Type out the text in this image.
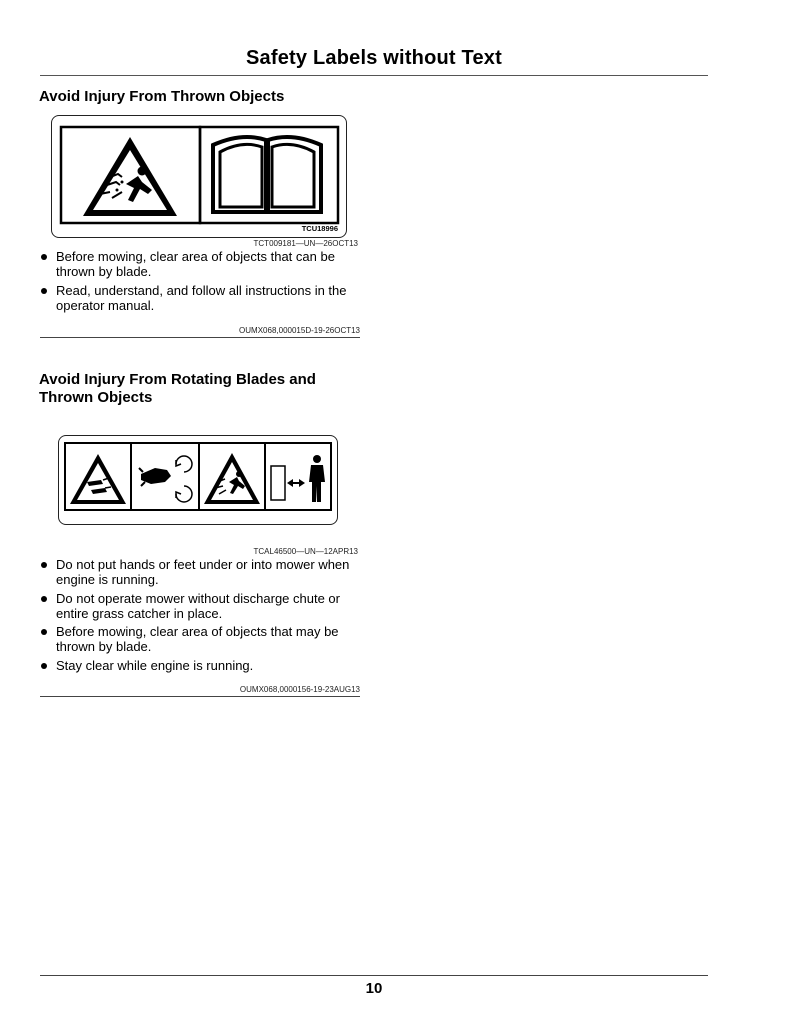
Safety Labels without Text
Avoid Injury From Thrown Objects
TCU18996
TCT009181—UN—26OCT13
Before mowing, clear area of objects that can be thrown by blade.
Read, understand, and follow all instructions in the operator manual.
OUMX068,000015D-19-26OCT13
Avoid Injury From Rotating Blades and
Thrown Objects
TCAL46500—UN—12APR13
Do not put hands or feet under or into mower when engine is running.
Do not operate mower without discharge chute or entire grass catcher in place.
Before mowing, clear area of objects that may be thrown by blade.
Stay clear while engine is running.
OUMX068,0000156-19-23AUG13
10
